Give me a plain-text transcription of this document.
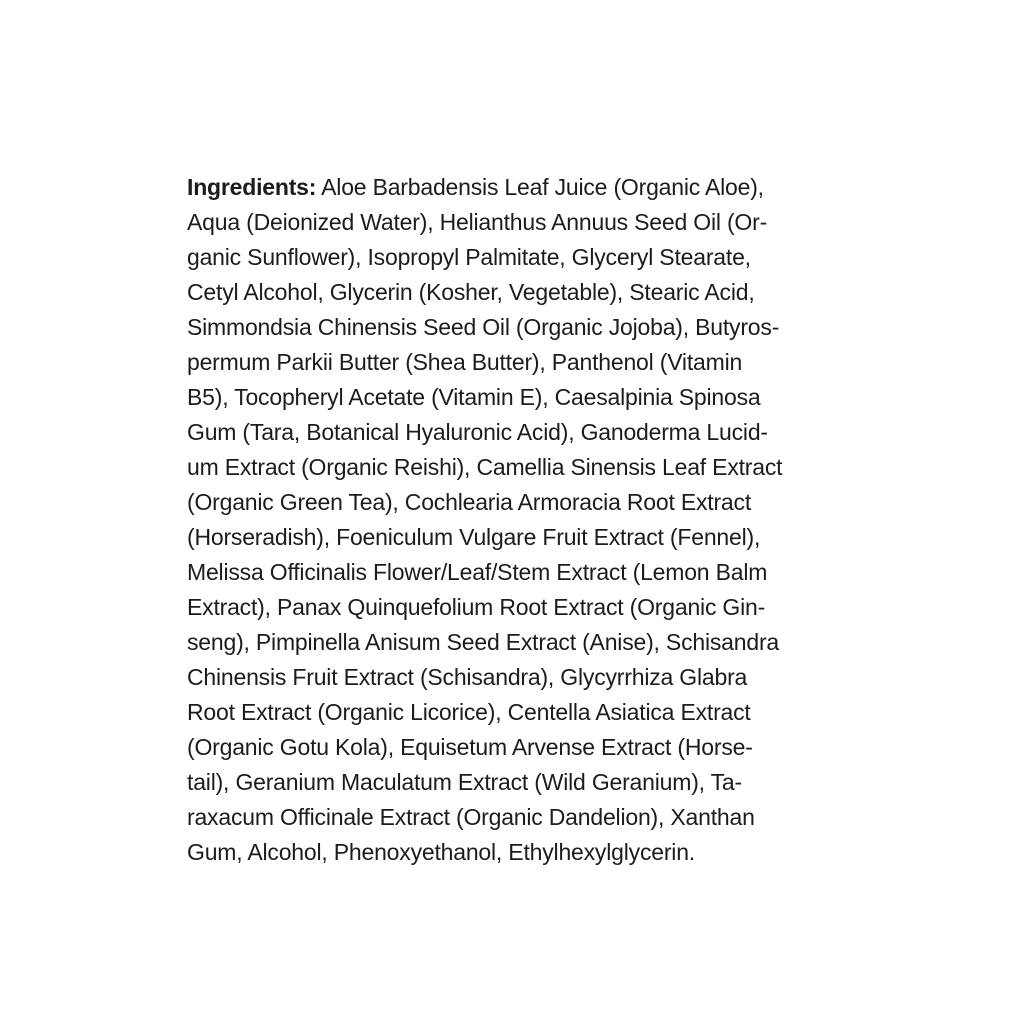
Ingredients: Aloe Barbadensis Leaf Juice (Organic Aloe),
Aqua (Deionized Water), Helianthus Annuus Seed Oil (Or-
ganic Sunflower), Isopropyl Palmitate, Glyceryl Stearate,
Cetyl Alcohol, Glycerin (Kosher, Vegetable), Stearic Acid,
Simmondsia Chinensis Seed Oil (Organic Jojoba), Butyros-
permum Parkii Butter (Shea Butter), Panthenol (Vitamin
B5), Tocopheryl Acetate (Vitamin E), Caesalpinia Spinosa
Gum (Tara, Botanical Hyaluronic Acid), Ganoderma Lucid-
um Extract (Organic Reishi), Camellia Sinensis Leaf Extract
(Organic Green Tea), Cochlearia Armoracia Root Extract
(Horseradish), Foeniculum Vulgare Fruit Extract (Fennel),
Melissa Officinalis Flower/Leaf/Stem Extract (Lemon Balm
Extract), Panax Quinquefolium Root Extract (Organic Gin-
seng), Pimpinella Anisum Seed Extract (Anise), Schisandra
Chinensis Fruit Extract (Schisandra), Glycyrrhiza Glabra
Root Extract (Organic Licorice), Centella Asiatica Extract
(Organic Gotu Kola), Equisetum Arvense Extract (Horse-
tail), Geranium Maculatum Extract (Wild Geranium), Ta-
raxacum Officinale Extract (Organic Dandelion), Xanthan
Gum, Alcohol, Phenoxyethanol, Ethylhexylglycerin.
